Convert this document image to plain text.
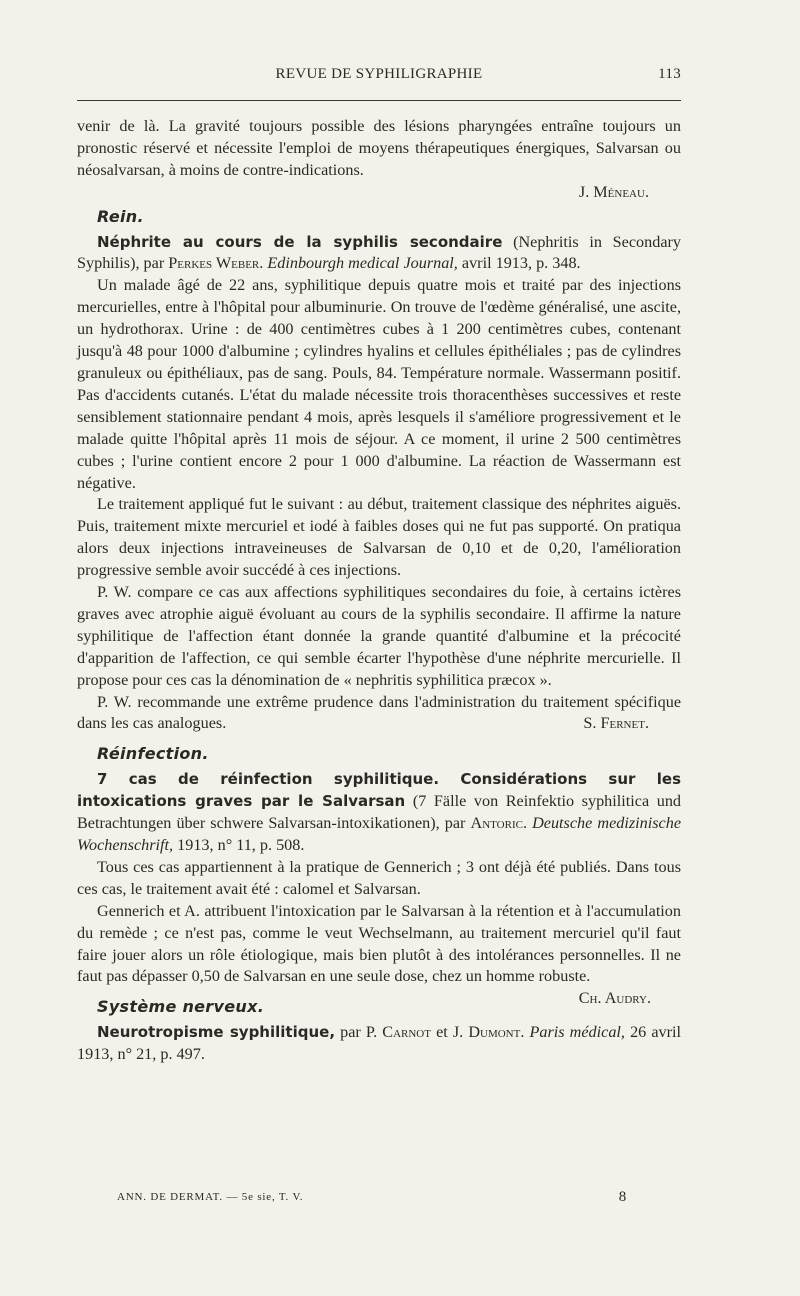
REVUE DE SYPHILIGRAPHIE	113

venir de là. La gravité toujours possible des lésions pharyngées entraîne toujours un pronostic réservé et nécessite l'emploi de moyens thérapeutiques énergiques, Salvarsan ou néosalvarsan, à moins de contre-indications.

J. Méneau.

Rein.

Néphrite au cours de la syphilis secondaire (Nephritis in Secondary Syphilis), par Perkes Weber. Edinbourgh medical Journal, avril 1913, p. 348.

Un malade âgé de 22 ans, syphilitique depuis quatre mois et traité par des injections mercurielles, entre à l'hôpital pour albuminurie. On trouve de l'œdème généralisé, une ascite, un hydrothorax. Urine : de 400 centimètres cubes à 1 200 centimètres cubes, contenant jusqu'à 48 pour 1000 d'albumine ; cylindres hyalins et cellules épithéliales ; pas de cylindres granuleux ou épithéliaux, pas de sang. Pouls, 84. Température normale. Wassermann positif. Pas d'accidents cutanés. L'état du malade nécessite trois thoracenthèses successives et reste sensiblement stationnaire pendant 4 mois, après lesquels il s'améliore progressivement et le malade quitte l'hôpital après 11 mois de séjour. A ce moment, il urine 2 500 centimètres cubes ; l'urine contient encore 2 pour 1 000 d'albumine. La réaction de Wassermann est négative.

Le traitement appliqué fut le suivant : au début, traitement classique des néphrites aiguës. Puis, traitement mixte mercuriel et iodé à faibles doses qui ne fut pas supporté. On pratiqua alors deux injections intraveineuses de Salvarsan de 0,10 et de 0,20, l'amélioration progressive semble avoir succédé à ces injections.

P. W. compare ce cas aux affections syphilitiques secondaires du foie, à certains ictères graves avec atrophie aiguë évoluant au cours de la syphilis secondaire. Il affirme la nature syphilitique de l'affection étant donnée la grande quantité d'albumine et la précocité d'apparition de l'affection, ce qui semble écarter l'hypothèse d'une néphrite mercurielle. Il propose pour ces cas la dénomination de « nephritis syphilitica præcox ».

P. W. recommande une extrême prudence dans l'administration du traitement spécifique dans les cas analogues.	S. Fernet.

Réinfection.

7 cas de réinfection syphilitique. Considérations sur les intoxications graves par le Salvarsan (7 Fälle von Reinfektio syphilitica und Betrachtungen über schwere Salvarsan-intoxikationen), par Antoric. Deutsche medizinische Wochenschrift, 1913, n° 11, p. 508.

Tous ces cas appartiennent à la pratique de Gennerich ; 3 ont déjà été publiés. Dans tous ces cas, le traitement avait été : calomel et Salvarsan.

Gennerich et A. attribuent l'intoxication par le Salvarsan à la rétention et à l'accumulation du remède ; ce n'est pas, comme le veut Wechselmann, au traitement mercuriel qu'il faut faire jouer alors un rôle étiologique, mais bien plutôt à des intolérances personnelles. Il ne faut pas dépasser 0,50 de Salvarsan en une seule dose, chez un homme robuste.
Ch. Audry.

Système nerveux.

Neurotropisme syphilitique, par P. Carnot et J. Dumont. Paris médical, 26 avril 1913, n° 21, p. 497.

ANN. DE DERMAT. — 5e sie, T. V.	8
